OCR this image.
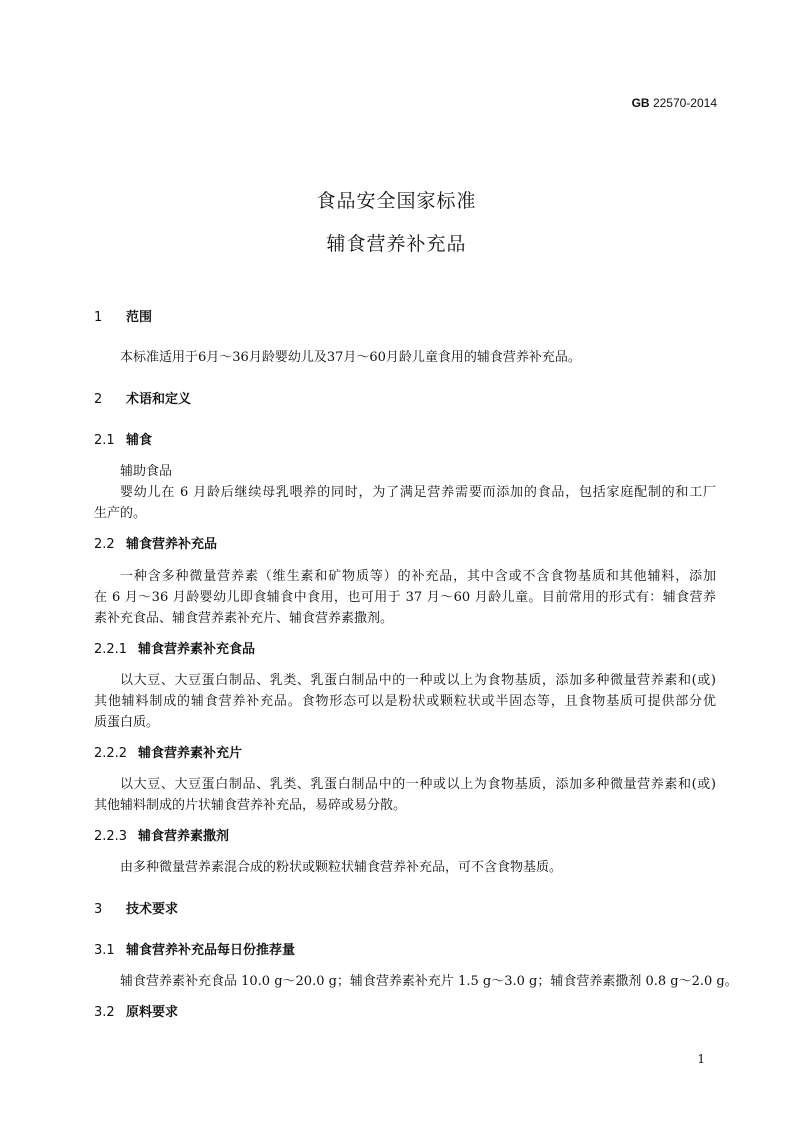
GB 22570-2014
食品安全国家标准
辅食营养补充品
1 范围
本标准适用于6月～36月龄婴幼儿及37月～60月龄儿童食用的辅食营养补充品。
2 术语和定义
2.1 辅食
辅助食品
婴幼儿在 6 月龄后继续母乳喂养的同时，为了满足营养需要而添加的食品，包括家庭配制的和工厂
生产的。
2.2 辅食营养补充品
一种含多种微量营养素（维生素和矿物质等）的补充品，其中含或不含食物基质和其他辅料，添加
在 6 月～36 月龄婴幼儿即食辅食中食用，也可用于 37 月～60 月龄儿童。目前常用的形式有：辅食营养
素补充食品、辅食营养素补充片、辅食营养素撒剂。
2.2.1 辅食营养素补充食品
以大豆、大豆蛋白制品、乳类、乳蛋白制品中的一种或以上为食物基质，添加多种微量营养素和(或)
其他辅料制成的辅食营养补充品。食物形态可以是粉状或颗粒状或半固态等，且食物基质可提供部分优
质蛋白质。
2.2.2 辅食营养素补充片
以大豆、大豆蛋白制品、乳类、乳蛋白制品中的一种或以上为食物基质，添加多种微量营养素和(或)
其他辅料制成的片状辅食营养补充品，易碎或易分散。
2.2.3 辅食营养素撒剂
由多种微量营养素混合成的粉状或颗粒状辅食营养补充品，可不含食物基质。
3 技术要求
3.1 辅食营养补充品每日份推荐量
辅食营养素补充食品 10.0 g～20.0 g；辅食营养素补充片 1.5 g～3.0 g；辅食营养素撒剂 0.8 g～2.0 g。
3.2 原料要求
1
